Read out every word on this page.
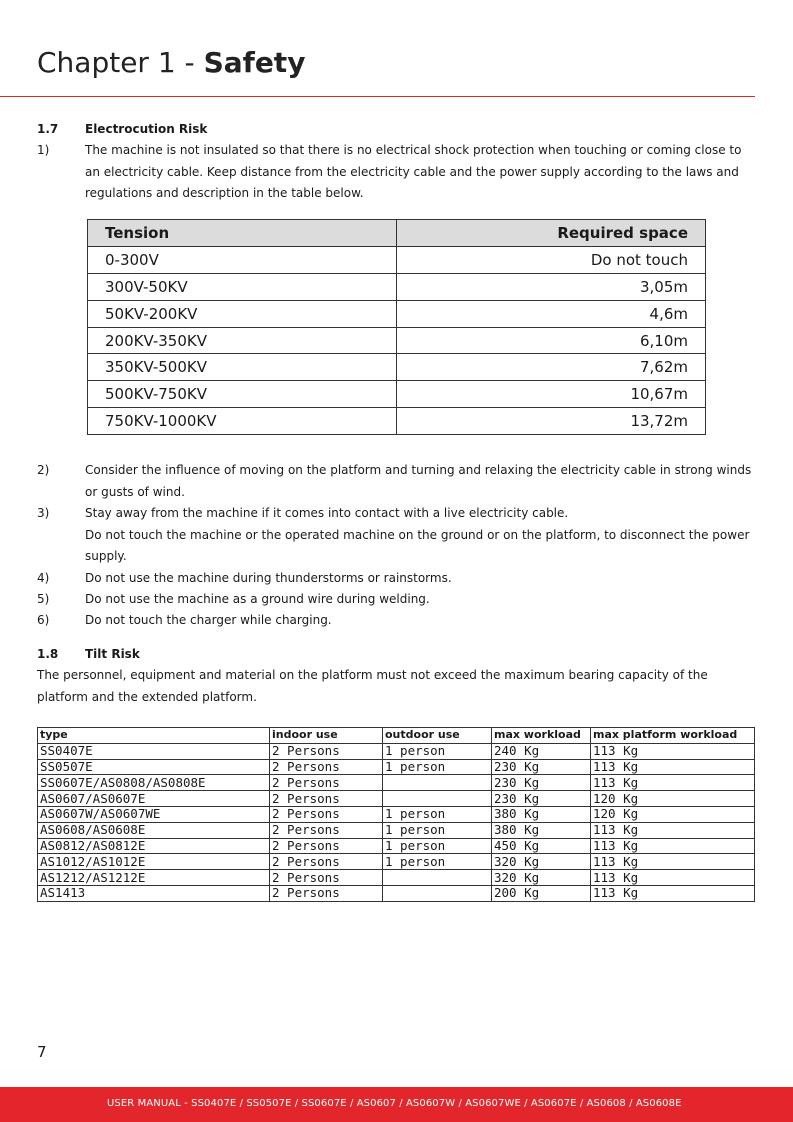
Chapter 1 - Safety
1.7 Electrocution Risk
1)	The machine is not insulated so that there is no electrical shock protection when touching or coming close to
an electricity cable. Keep distance from the electricity cable and the power supply according to the laws and
regulations and description in the table below.
Tension	Required space
0-300V	Do not touch
300V-50KV	3,05m
50KV-200KV	4,6m
200KV-350KV	6,10m
350KV-500KV	7,62m
500KV-750KV	10,67m
750KV-1000KV	13,72m
2)	Consider the influence of moving on the platform and turning and relaxing the electricity cable in strong winds
or gusts of wind.
3)	Stay away from the machine if it comes into contact with a live electricity cable.
Do not touch the machine or the operated machine on the ground or on the platform, to disconnect the power
supply.
4)	Do not use the machine during thunderstorms or rainstorms.
5)	Do not use the machine as a ground wire during welding.
6)	Do not touch the charger while charging.
1.8 Tilt Risk
The personnel, equipment and material on the platform must not exceed the maximum bearing capacity of the
platform and the extended platform.
type	indoor use	outdoor use	max workload	max platform workload
SS0407E	2 Persons	1 person	240 Kg	113 Kg
SS0507E	2 Persons	1 person	230 Kg	113 Kg
SS0607E/AS0808/AS0808E	2 Persons		230 Kg	113 Kg
AS0607/AS0607E	2 Persons		230 Kg	120 Kg
AS0607W/AS0607WE	2 Persons	1 person	380 Kg	120 Kg
AS0608/AS0608E	2 Persons	1 person	380 Kg	113 Kg
AS0812/AS0812E	2 Persons	1 person	450 Kg	113 Kg
AS1012/AS1012E	2 Persons	1 person	320 Kg	113 Kg
AS1212/AS1212E	2 Persons		320 Kg	113 Kg
AS1413	2 Persons		200 Kg	113 Kg
7
USER MANUAL - SS0407E / SS0507E / SS0607E / AS0607 / AS0607W / AS0607WE / AS0607E / AS0608 / AS0608E
